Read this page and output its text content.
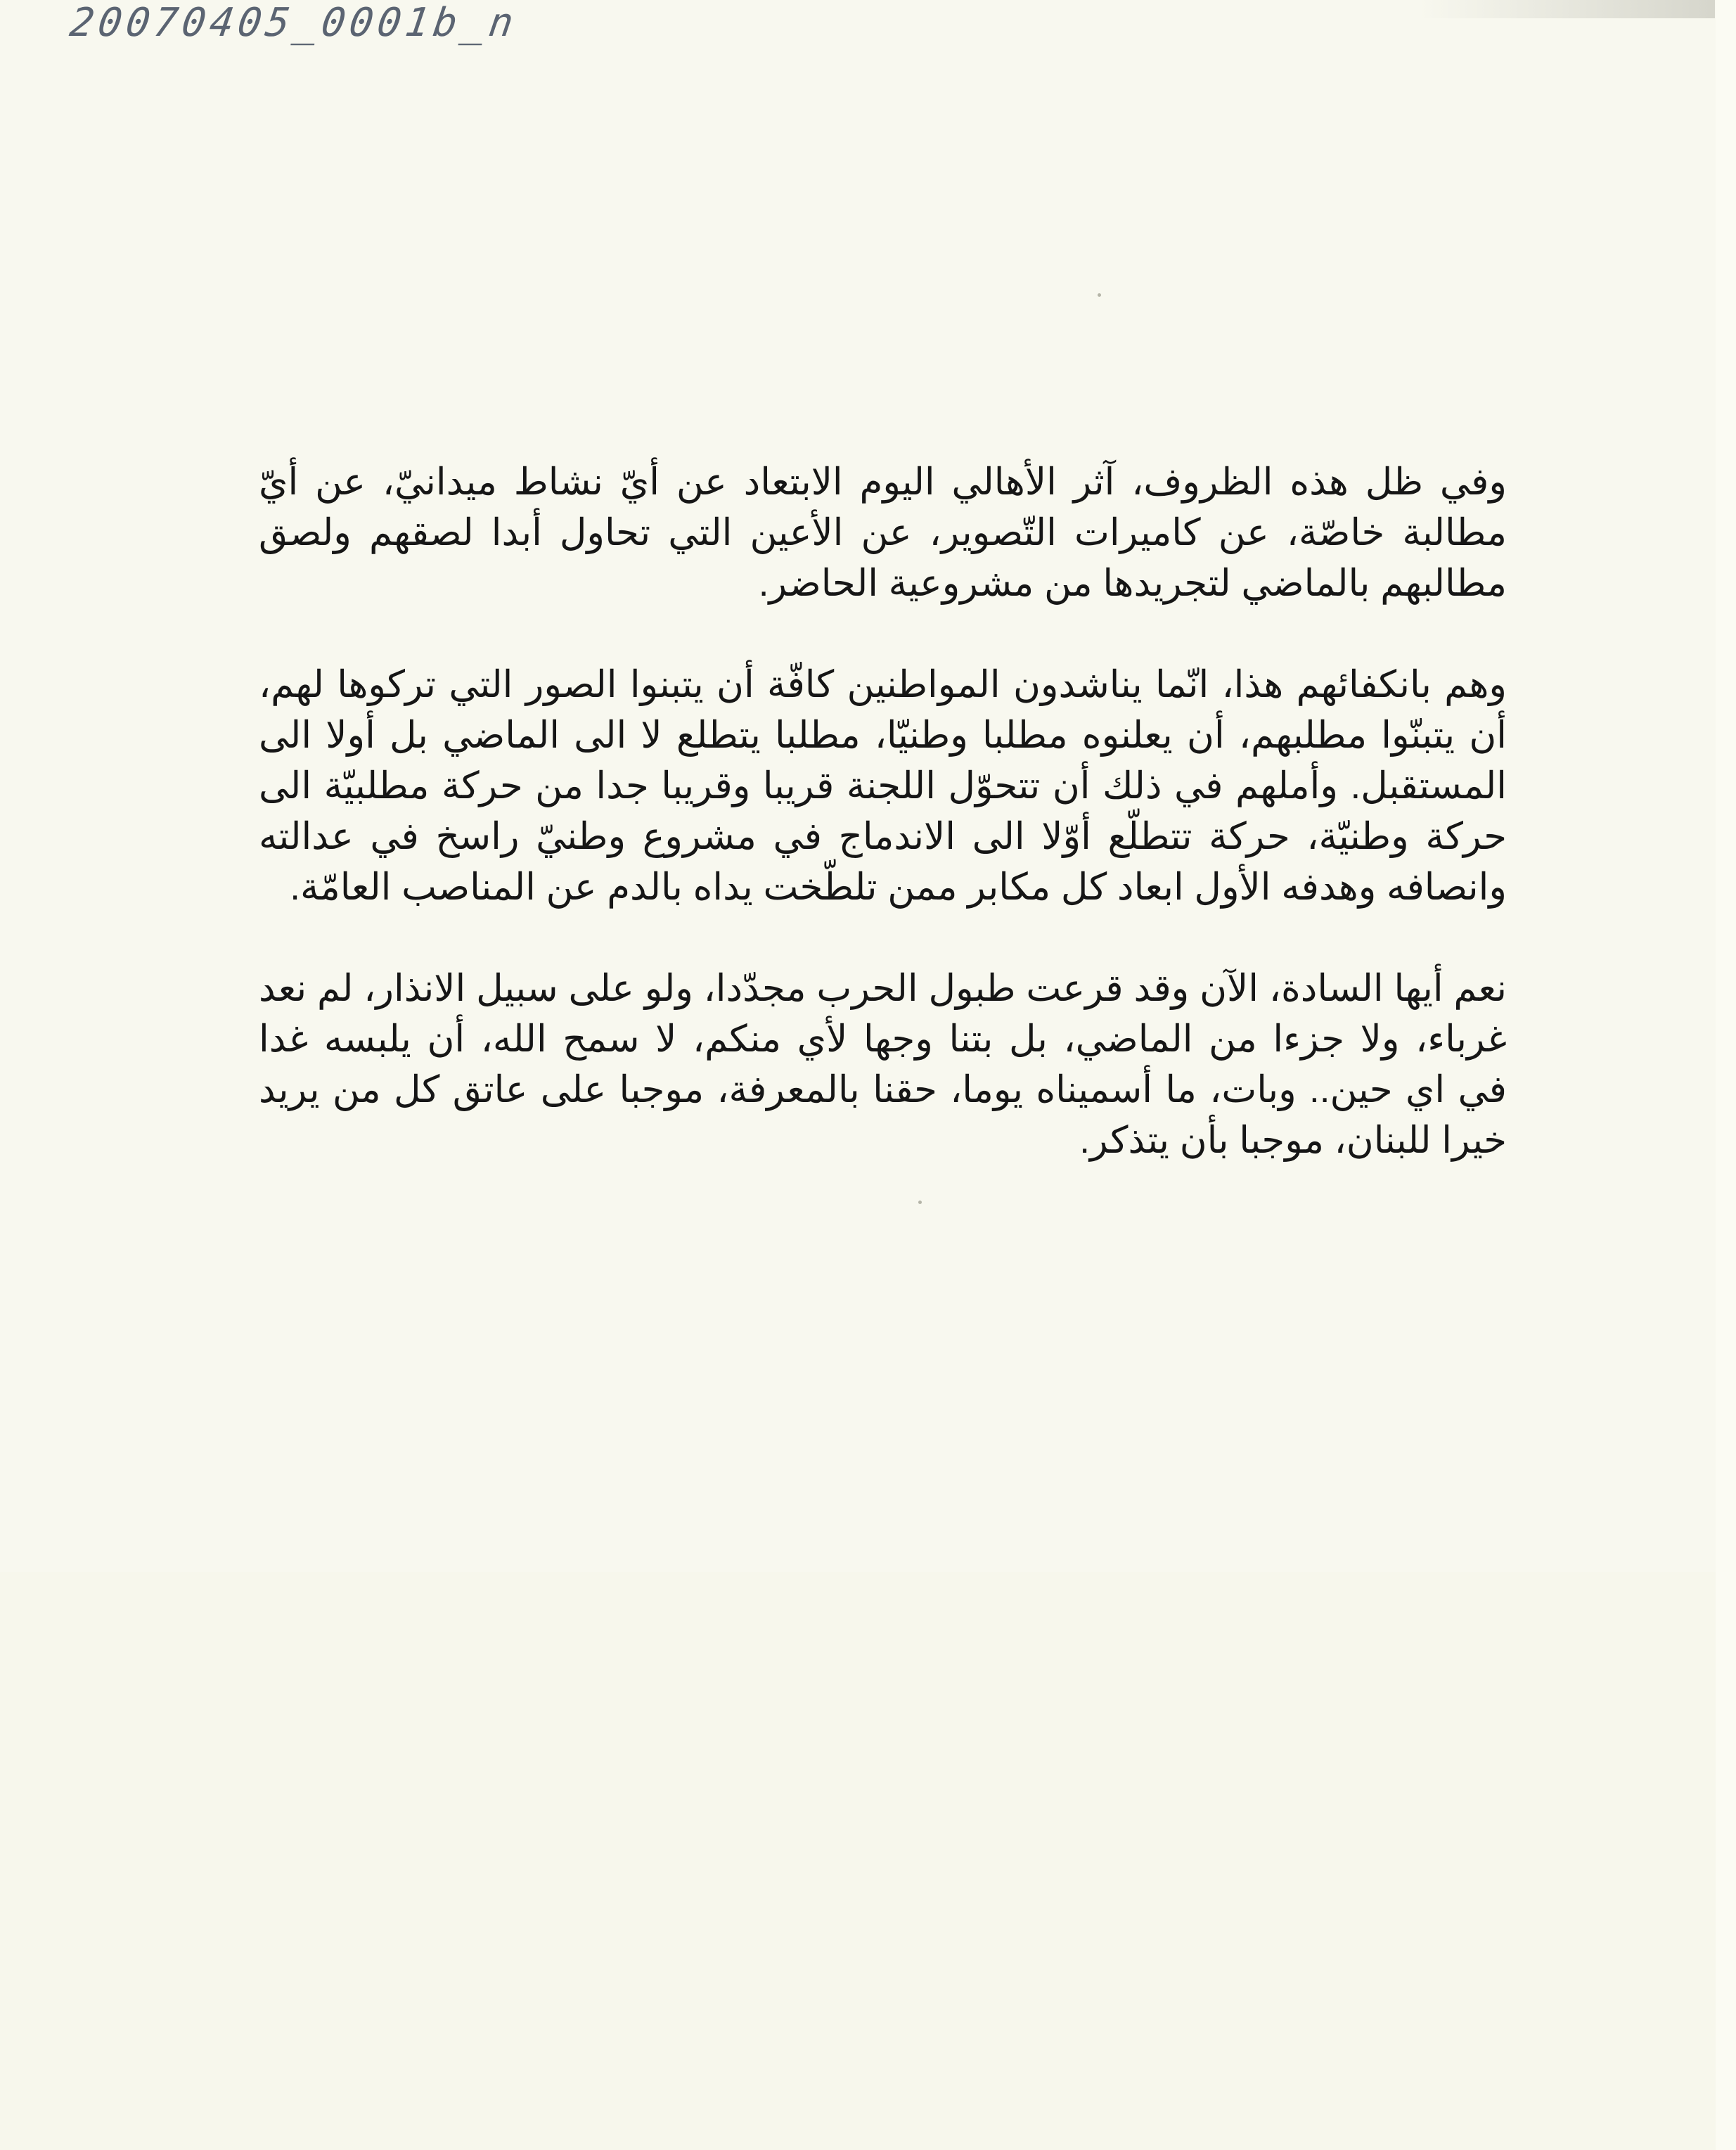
20070405_0001b_n
وفي ظل هذه الظروف، آثر الأهالي اليوم الابتعاد عن أيّ نشاط ميدانيّ، عن أيّ
مطالبة خاصّة، عن كاميرات التّصوير، عن الأعين التي تحاول أبدا لصقهم ولصق
مطالبهم بالماضي لتجريدها من مشروعية الحاضر.
وهم بانكفائهم هذا، انّما يناشدون المواطنين كافّة أن يتبنوا الصور التي تركوها لهم،
أن يتبنّوا مطلبهم، أن يعلنوه مطلبا وطنيّا، مطلبا يتطلع لا الى الماضي بل أولا الى
المستقبل. وأملهم في ذلك أن تتحوّل اللجنة قريبا وقريبا جدا من حركة مطلبيّة الى
حركة وطنيّة، حركة تتطلّع أوّلا الى الاندماج في مشروع وطنيّ راسخ في عدالته
وانصافه وهدفه الأول ابعاد كل مكابر ممن تلطّخت يداه بالدم عن المناصب العامّة.
نعم أيها السادة، الآن وقد قرعت طبول الحرب مجدّدا، ولو على سبيل الانذار، لم نعد
غرباء، ولا جزءا من الماضي، بل بتنا وجها لأي منكم، لا سمح الله، أن يلبسه غدا
في اي حين.. وبات، ما أسميناه يوما، حقنا بالمعرفة، موجبا على عاتق كل من يريد
خيرا للبنان، موجبا بأن يتذكر.
